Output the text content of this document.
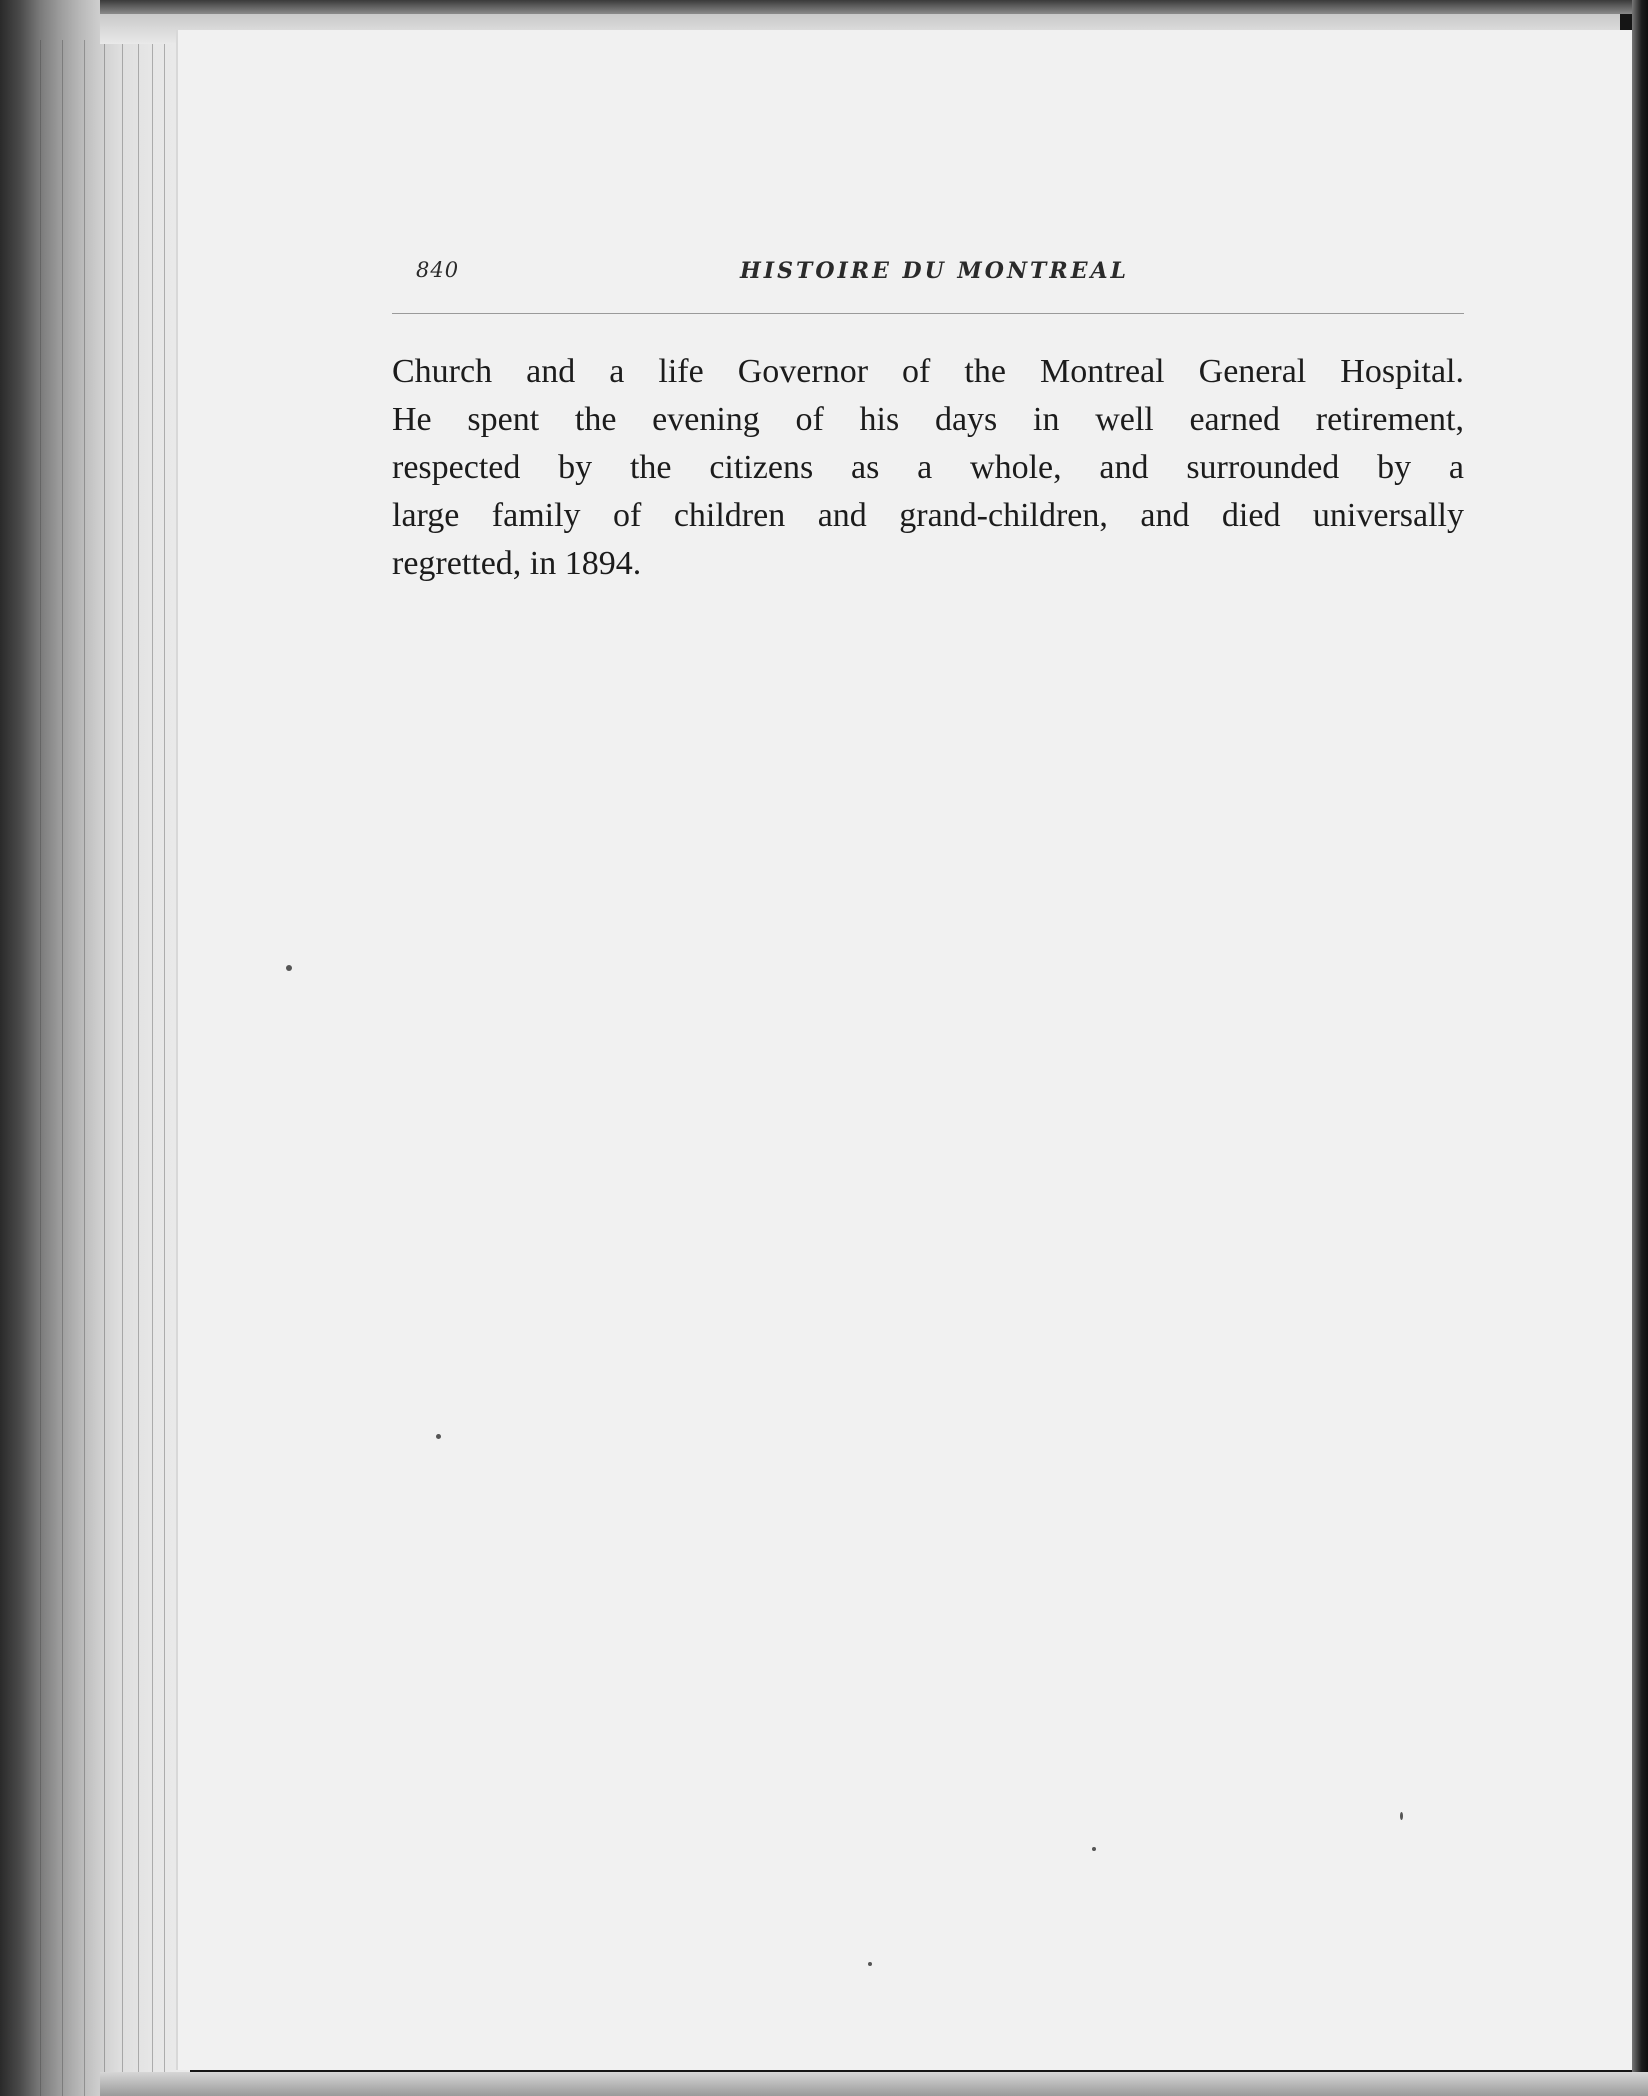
840	HISTOIRE DU MONTREAL
Church and a life Governor of the Montreal General Hospital.
He spent the evening of his days in well earned retirement,
respected by the citizens as a whole, and surrounded by a
large family of children and grand-children, and died universally
regretted, in 1894.
